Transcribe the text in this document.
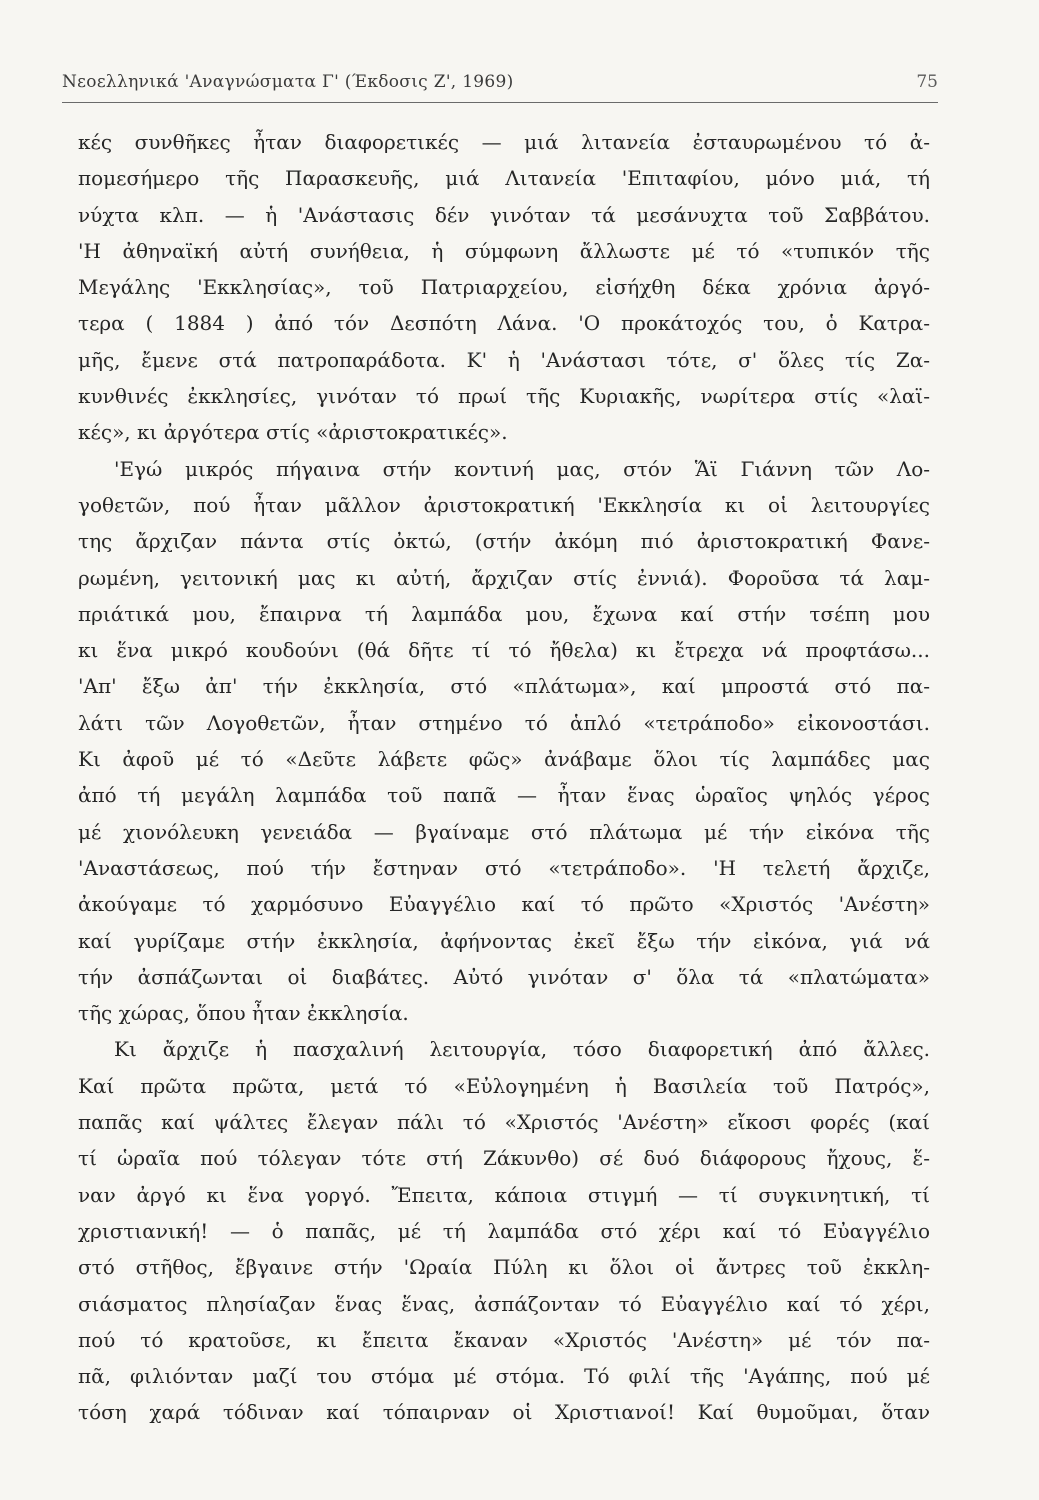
Νεοελληνικά 'Αναγνώσματα Γ' (Έκδοσις Ζ', 1969)	75
κές συνθῆκες ἦταν διαφορετικές — μιά λιτανεία ἐσταυρωμένου τό ἀ-
πομεσήμερο τῆς Παρασκευῆς, μιά Λιτανεία 'Επιταφίου, μόνο μιά, τή
νύχτα κλπ. — ἡ 'Ανάστασις δέν γινόταν τά μεσάνυχτα τοῦ Σαββάτου.
'Η ἀθηναϊκή αὐτή συνήθεια, ἡ σύμφωνη ἄλλωστε μέ τό «τυπικόν τῆς
Μεγάλης 'Εκκλησίας», τοῦ Πατριαρχείου, εἰσήχθη δέκα χρόνια ἀργό-
τερα ( 1884 ) ἀπό τόν Δεσπότη Λάνα. 'Ο προκάτοχός του, ὁ Κατρα-
μῆς, ἔμενε στά πατροπαράδοτα. Κ' ἡ 'Ανάστασι τότε, σ' ὅλες τίς Ζα-
κυνθινές ἐκκλησίες, γινόταν τό πρωί τῆς Κυριακῆς, νωρίτερα στίς «λαϊ-
κές», κι ἀργότερα στίς «ἀριστοκρατικές».
'Εγώ μικρός πήγαινα στήν κοντινή μας, στόν Ἅϊ Γιάννη τῶν Λο-
γοθετῶν, πού ἦταν μᾶλλον ἀριστοκρατική 'Εκκλησία κι οἱ λειτουργίες
της ἄρχιζαν πάντα στίς ὀκτώ, (στήν ἀκόμη πιό ἀριστοκρατική Φανε-
ρωμένη, γειτονική μας κι αὐτή, ἄρχιζαν στίς ἐννιά). Φοροῦσα τά λαμ-
πριάτικά μου, ἔπαιρνα τή λαμπάδα μου, ἔχωνα καί στήν τσέπη μου
κι ἕνα μικρό κουδούνι (θά δῆτε τί τό ἤθελα) κι ἔτρεχα νά προφτάσω...
'Απ' ἔξω ἀπ' τήν ἐκκλησία, στό «πλάτωμα», καί μπροστά στό πα-
λάτι τῶν Λογοθετῶν, ἦταν στημένο τό ἁπλό «τετράποδο» εἰκονοστάσι.
Κι ἀφοῦ μέ τό «Δεῦτε λάβετε φῶς» ἀνάβαμε ὅλοι τίς λαμπάδες μας
ἀπό τή μεγάλη λαμπάδα τοῦ παπᾶ — ἦταν ἕνας ὡραῖος ψηλός γέρος
μέ χιονόλευκη γενειάδα — βγαίναμε στό πλάτωμα μέ τήν εἰκόνα τῆς
'Αναστάσεως, πού τήν ἔστηναν στό «τετράποδο». 'Η τελετή ἄρχιζε,
ἀκούγαμε τό χαρμόσυνο Εὐαγγέλιο καί τό πρῶτο «Χριστός 'Ανέστη»
καί γυρίζαμε στήν ἐκκλησία, ἀφήνοντας ἐκεῖ ἔξω τήν εἰκόνα, γιά νά
τήν ἀσπάζωνται οἱ διαβάτες. Αὐτό γινόταν σ' ὅλα τά «πλατώματα»
τῆς χώρας, ὅπου ἦταν ἐκκλησία.
Κι ἄρχιζε ἡ πασχαλινή λειτουργία, τόσο διαφορετική ἀπό ἄλλες.
Καί πρῶτα πρῶτα, μετά τό «Εὐλογημένη ἡ Βασιλεία τοῦ Πατρός»,
παπᾶς καί ψάλτες ἔλεγαν πάλι τό «Χριστός 'Ανέστη» εἴκοσι φορές (καί
τί ὡραῖα πού τόλεγαν τότε στή Ζάκυνθο) σέ δυό διάφορους ἤχους, ἕ-
ναν ἀργό κι ἕνα γοργό. Ἔπειτα, κάποια στιγμή — τί συγκινητική, τί
χριστιανική! — ὁ παπᾶς, μέ τή λαμπάδα στό χέρι καί τό Εὐαγγέλιο
στό στῆθος, ἔβγαινε στήν 'Ωραία Πύλη κι ὅλοι οἱ ἄντρες τοῦ ἐκκλη-
σιάσματος πλησίαζαν ἕνας ἕνας, ἀσπάζονταν τό Εὐαγγέλιο καί τό χέρι,
πού τό κρατοῦσε, κι ἔπειτα ἔκαναν «Χριστός 'Ανέστη» μέ τόν πα-
πᾶ, φιλιόνταν μαζί του στόμα μέ στόμα. Τό φιλί τῆς 'Αγάπης, πού μέ
τόση χαρά τόδιναν καί τόπαιρναν οἱ Χριστιανοί! Καί θυμοῦμαι, ὅταν
